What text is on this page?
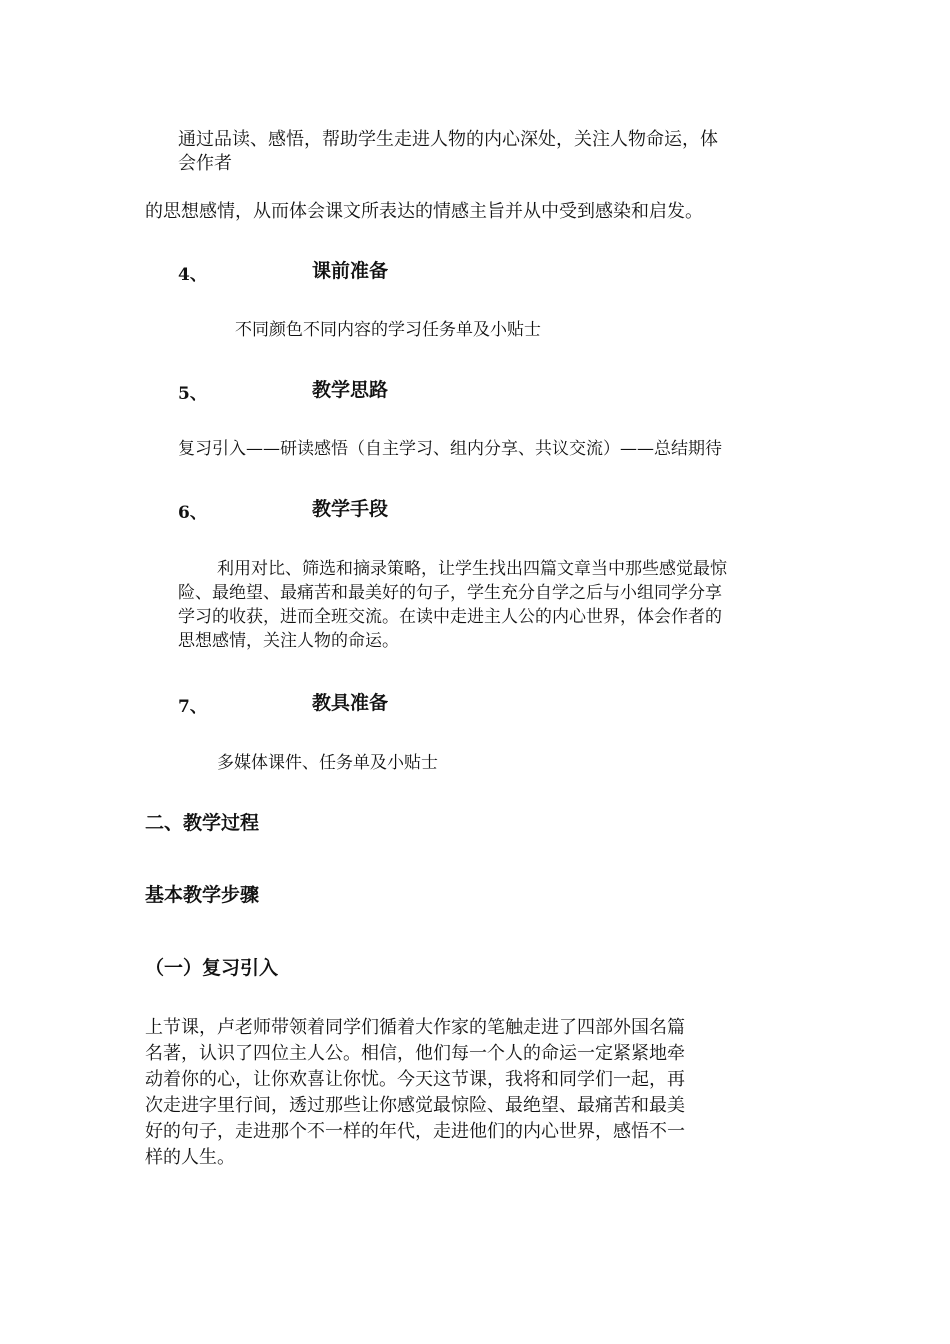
通过品读、感悟，帮助学生走进人物的内心深处，关注人物命运，体
会作者
的思想感情，从而体会课文所表达的情感主旨并从中受到感染和启发。
4、	课前准备
不同颜色不同内容的学习任务单及小贴士
5、	教学思路
复习引入——研读感悟（自主学习、组内分享、共议交流）——总结期待
6、	教学手段
利用对比、筛选和摘录策略，让学生找出四篇文章当中那些感觉最惊
险、最绝望、最痛苦和最美好的句子，学生充分自学之后与小组同学分享
学习的收获，进而全班交流。在读中走进主人公的内心世界，体会作者的
思想感情，关注人物的命运。
7、	教具准备
多媒体课件、任务单及小贴士
二、教学过程
基本教学步骤
（一）复习引入
上节课，卢老师带领着同学们循着大作家的笔触走进了四部外国名篇
名著，认识了四位主人公。相信，他们每一个人的命运一定紧紧地牵
动着你的心，让你欢喜让你忧。今天这节课，我将和同学们一起，再
次走进字里行间，透过那些让你感觉最惊险、最绝望、最痛苦和最美
好的句子，走进那个不一样的年代，走进他们的内心世界，感悟不一
样的人生。
